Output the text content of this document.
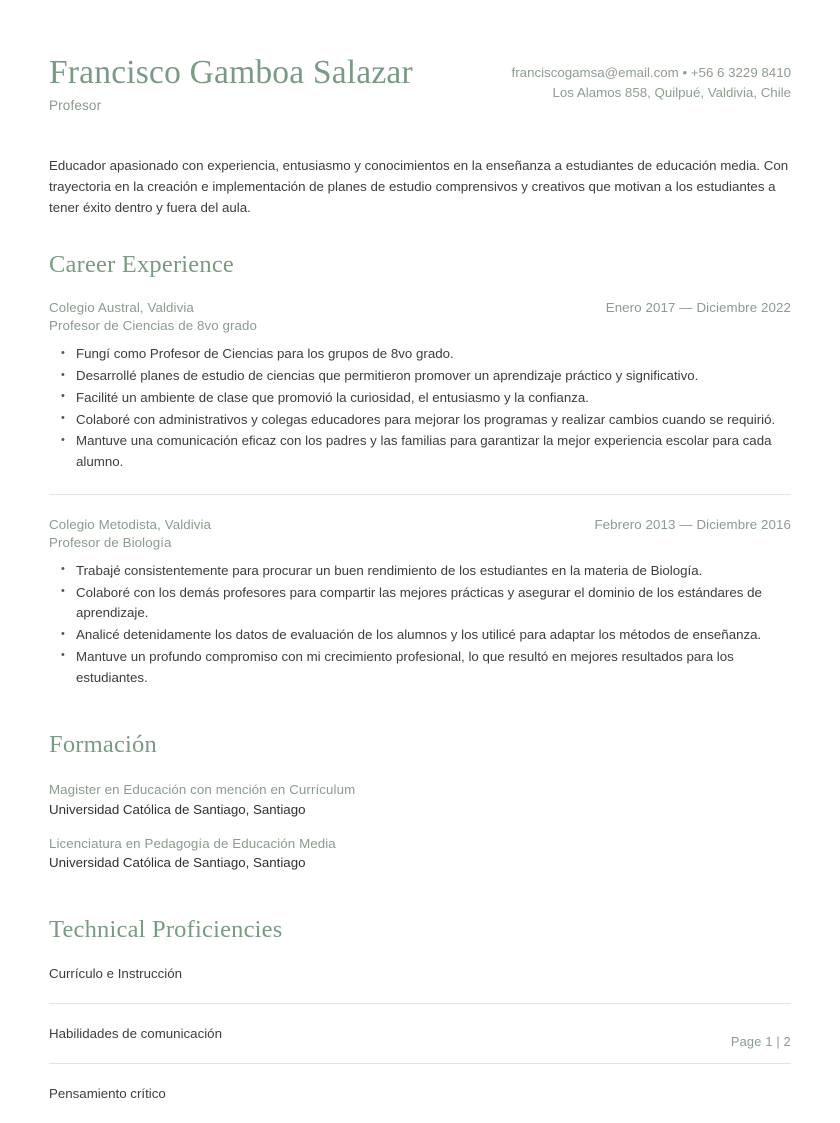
Francisco Gamboa Salazar
Profesor
franciscogamsa@email.com • +56 6 3229 8410
Los Alamos 858, Quilpué, Valdivia, Chile
Educador apasionado con experiencia, entusiasmo y conocimientos en la enseñanza a estudiantes de educación media. Con trayectoria en la creación e implementación de planes de estudio comprensivos y creativos que motivan a los estudiantes a tener éxito dentro y fuera del aula.
Career Experience
Colegio Austral, Valdivia	Enero 2017 — Diciembre 2022
Profesor de Ciencias de 8vo grado
• Fungí como Profesor de Ciencias para los grupos de 8vo grado.
• Desarrollé planes de estudio de ciencias que permitieron promover un aprendizaje práctico y significativo.
• Facilité un ambiente de clase que promovió la curiosidad, el entusiasmo y la confianza.
• Colaboré con administrativos y colegas educadores para mejorar los programas y realizar cambios cuando se requirió.
• Mantuve una comunicación eficaz con los padres y las familias para garantizar la mejor experiencia escolar para cada alumno.
Colegio Metodista, Valdivia	Febrero 2013 — Diciembre 2016
Profesor de Biología
• Trabajé consistentemente para procurar un buen rendimiento de los estudiantes en la materia de Biología.
• Colaboré con los demás profesores para compartir las mejores prácticas y asegurar el dominio de los estándares de aprendizaje.
• Analicé detenidamente los datos de evaluación de los alumnos y los utilicé para adaptar los métodos de enseñanza.
• Mantuve un profundo compromiso con mi crecimiento profesional, lo que resultó en mejores resultados para los estudiantes.
Formación
Magister en Educación con mención en Currículum
Universidad Católica de Santiago, Santiago
Licenciatura en Pedagogía de Educación Media
Universidad Católica de Santiago, Santiago
Technical Proficiencies
Currículo e Instrucción
Habilidades de comunicación
Pensamiento crítico
Page 1 | 2
